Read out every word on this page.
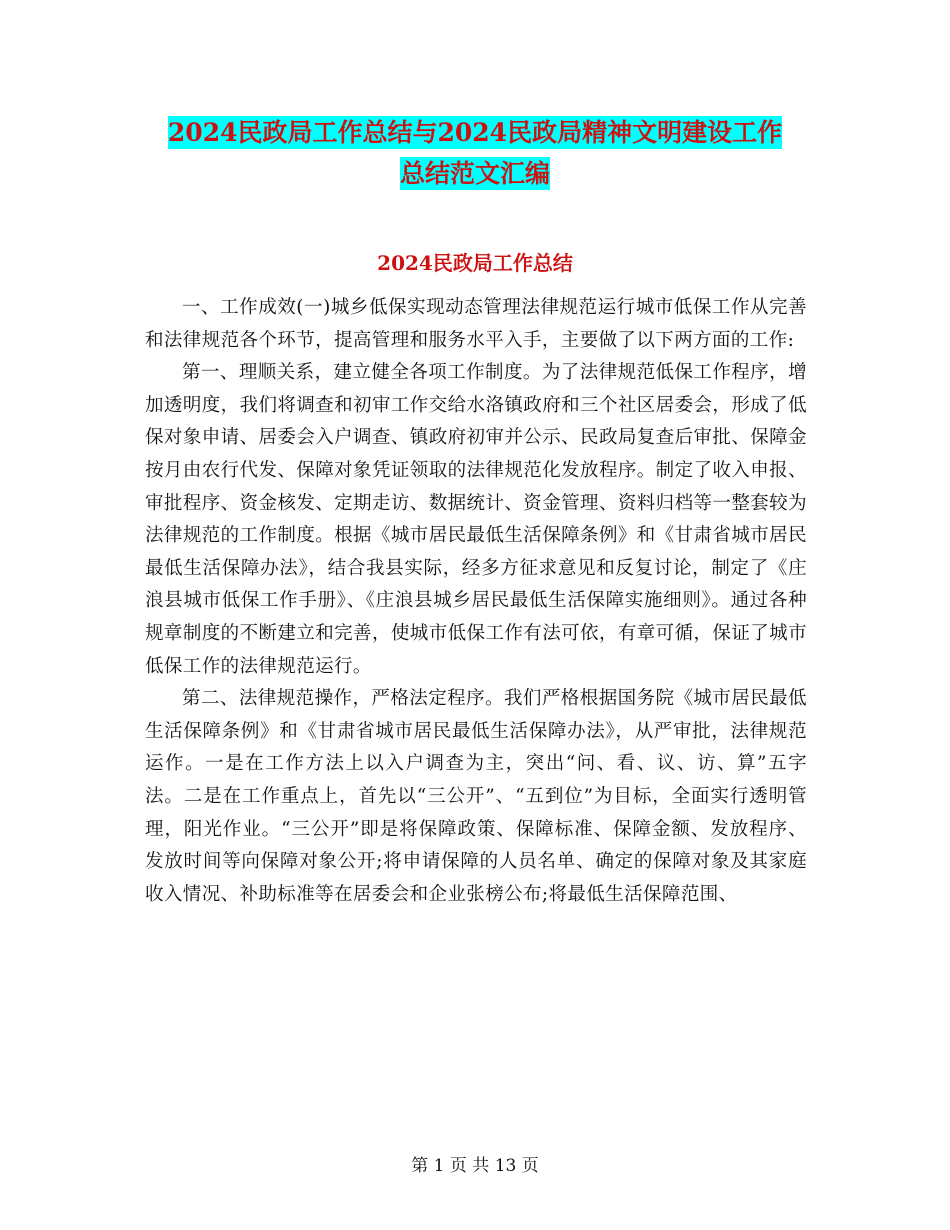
2024民政局工作总结与2024民政局精神文明建设工作
总结范文汇编
2024民政局工作总结

一、工作成效(一)城乡低保实现动态管理法律规范运行城市低保工作从完善和法律规范各个环节，提高管理和服务水平入手，主要做了以下两方面的工作:

第一、理顺关系，建立健全各项工作制度。为了法律规范低保工作程序，增加透明度，我们将调查和初审工作交给水洛镇政府和三个社区居委会，形成了低保对象申请、居委会入户调查、镇政府初审并公示、民政局复查后审批、保障金按月由农行代发、保障对象凭证领取的法律规范化发放程序。制定了收入申报、审批程序、资金核发、定期走访、数据统计、资金管理、资料归档等一整套较为法律规范的工作制度。根据《城市居民最低生活保障条例》和《甘肃省城市居民最低生活保障办法》，结合我县实际，经多方征求意见和反复讨论，制定了《庄浪县城市低保工作手册》、《庄浪县城乡居民最低生活保障实施细则》。通过各种规章制度的不断建立和完善，使城市低保工作有法可依，有章可循，保证了城市低保工作的法律规范运行。

第二、法律规范操作，严格法定程序。我们严格根据国务院《城市居民最低生活保障条例》和《甘肃省城市居民最低生活保障办法》，从严审批，法律规范运作。一是在工作方法上以入户调查为主，突出“问、看、议、访、算”五字法。二是在工作重点上，首先以“三公开”、“五到位”为目标，全面实行透明管理，阳光作业。“三公开”即是将保障政策、保障标准、保障金额、发放程序、发放时间等向保障对象公开;将申请保障的人员名单、确定的保障对象及其家庭收入情况、补助标准等在居委会和企业张榜公布;将最低生活保障范围、

第 1 页 共 13 页
